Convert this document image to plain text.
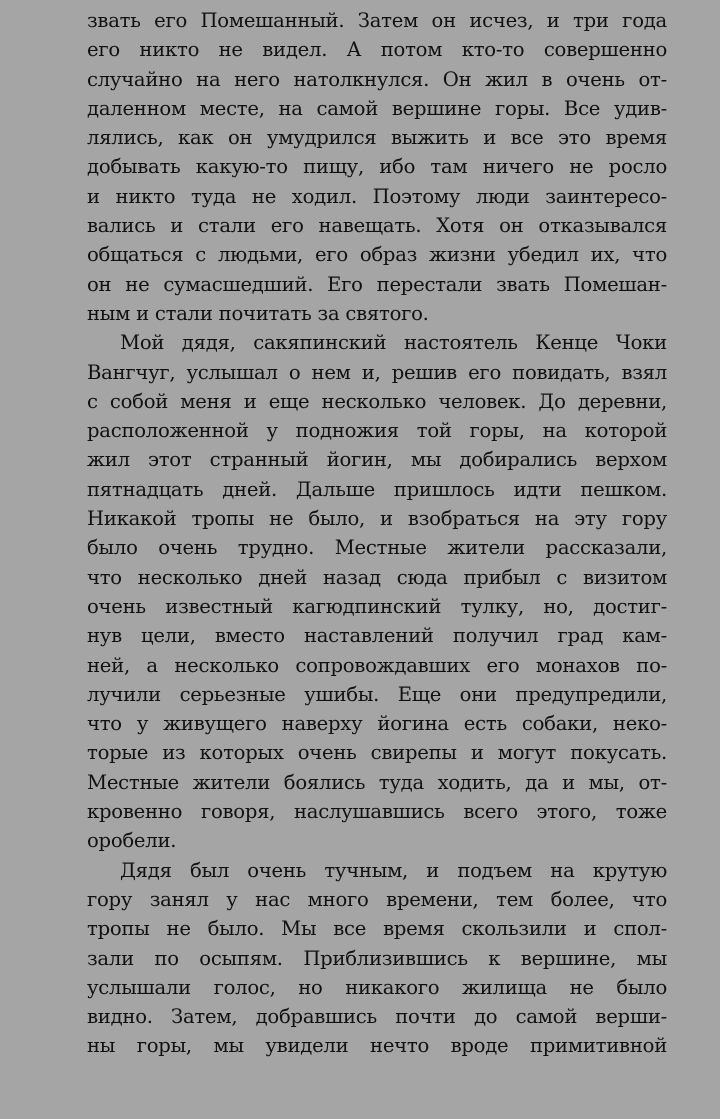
звать его Помешанный. Затем он исчез, и три года
его никто не видел. А потом кто-то совершенно
случайно на него натолкнулся. Он жил в очень от-
даленном месте, на самой вершине горы. Все удив-
лялись, как он умудрился выжить и все это время
добывать какую-то пищу, ибо там ничего не росло
и никто туда не ходил. Поэтому люди заинтересо-
вались и стали его навещать. Хотя он отказывался
общаться с людьми, его образ жизни убедил их, что
он не сумасшедший. Его перестали звать Помешан-
ным и стали почитать за святого.
Мой дядя, сакяпинский настоятель Кенце Чоки
Вангчуг, услышал о нем и, решив его повидать, взял
с собой меня и еще несколько человек. До деревни,
расположенной у подножия той горы, на которой
жил этот странный йогин, мы добирались верхом
пятнадцать дней. Дальше пришлось идти пешком.
Никакой тропы не было, и взобраться на эту гору
было очень трудно. Местные жители рассказали,
что несколько дней назад сюда прибыл с визитом
очень известный кагюдпинский тулку, но, достиг-
нув цели, вместо наставлений получил град кам-
ней, а несколько сопровождавших его монахов по-
лучили серьезные ушибы. Еще они предупредили,
что у живущего наверху йогина есть собаки, неко-
торые из которых очень свирепы и могут покусать.
Местные жители боялись туда ходить, да и мы, от-
кровенно говоря, наслушавшись всего этого, тоже
оробели.
Дядя был очень тучным, и подъем на крутую
гору занял у нас много времени, тем более, что
тропы не было. Мы все время скользили и спол-
зали по осыпям. Приблизившись к вершине, мы
услышали голос, но никакого жилища не было
видно. Затем, добравшись почти до самой верши-
ны горы, мы увидели нечто вроде примитивной
